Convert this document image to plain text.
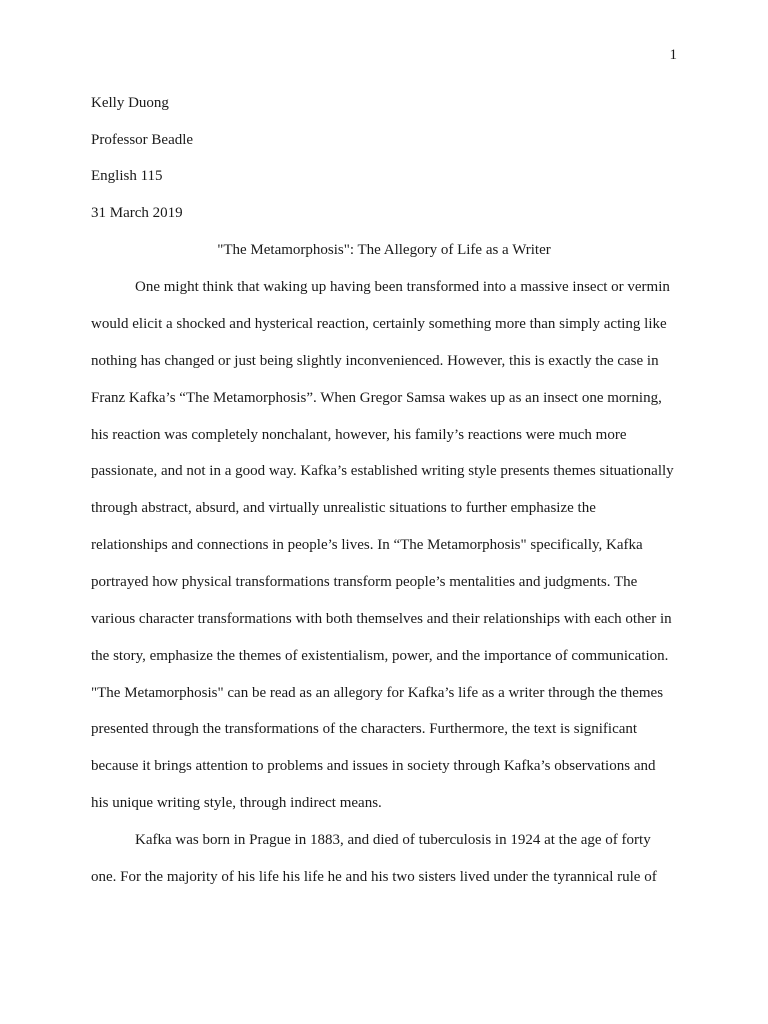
1
Kelly Duong
Professor Beadle
English 115
31 March 2019
"The Metamorphosis": The Allegory of Life as a Writer
One might think that waking up having been transformed into a massive insect or vermin
would elicit a shocked and hysterical reaction, certainly something more than simply acting like
nothing has changed or just being slightly inconvenienced. However, this is exactly the case in
Franz Kafka’s “The Metamorphosis”. When Gregor Samsa wakes up as an insect one morning,
his reaction was completely nonchalant, however, his family’s reactions were much more
passionate, and not in a good way. Kafka’s established writing style presents themes situationally
through abstract, absurd, and virtually unrealistic situations to further emphasize the
relationships and connections in people’s lives. In “The Metamorphosis" specifically, Kafka
portrayed how physical transformations transform people’s mentalities and judgments. The
various character transformations with both themselves and their relationships with each other in
the story, emphasize the themes of existentialism, power, and the importance of communication.
"The Metamorphosis" can be read as an allegory for Kafka’s life as a writer through the themes
presented through the transformations of the characters. Furthermore, the text is significant
because it brings attention to problems and issues in society through Kafka’s observations and
his unique writing style, through indirect means.
Kafka was born in Prague in 1883, and died of tuberculosis in 1924 at the age of forty
one. For the majority of his life his life he and his two sisters lived under the tyrannical rule of
